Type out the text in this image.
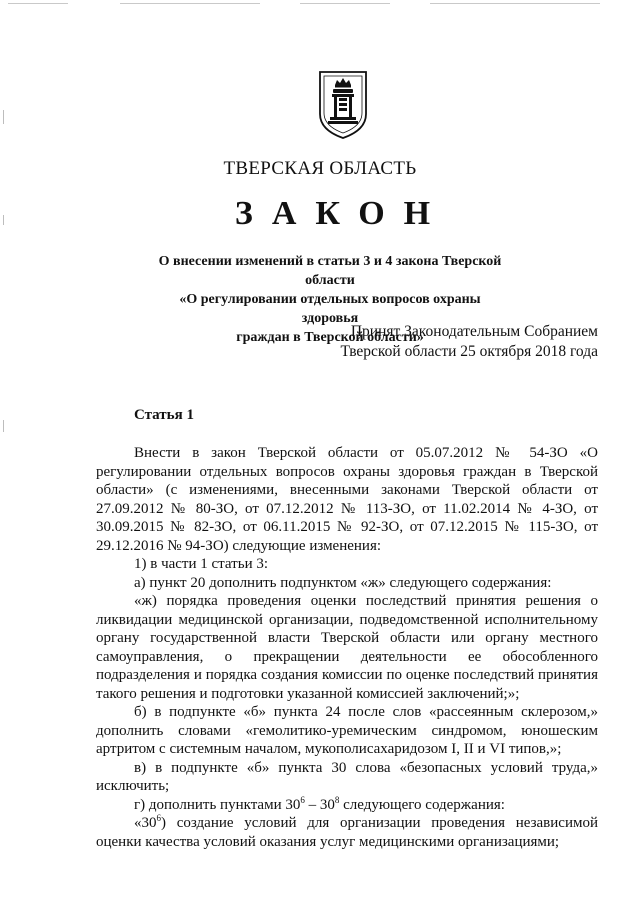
ТВЕРСКАЯ ОБЛАСТЬ
ЗАКОН
О внесении изменений в статьи 3 и 4 закона Тверской области
«О регулировании отдельных вопросов охраны здоровья
граждан в Тверской области»
Принят Законодательным Собранием
Тверской области 25 октября 2018 года
Статья 1

Внести в закон Тверской области от 05.07.2012 № 54-ЗО «О регулировании отдельных вопросов охраны здоровья граждан в Тверской области» (с изменениями, внесенными законами Тверской области от 27.09.2012 № 80-ЗО, от 07.12.2012 № 113-ЗО, от 11.02.2014 № 4-ЗО, от 30.09.2015 № 82-ЗО, от 06.11.2015 № 92-ЗО, от 07.12.2015 № 115-ЗО, от 29.12.2016 № 94-ЗО) следующие изменения:

1) в части 1 статьи 3:

а) пункт 20 дополнить подпунктом «ж» следующего содержания:

«ж) порядка проведения оценки последствий принятия решения о ликвидации медицинской организации, подведомственной исполнительному органу государственной власти Тверской области или органу местного самоуправления, о прекращении деятельности ее обособленного подразделения и порядка создания комиссии по оценке последствий принятия такого решения и подготовки указанной комиссией заключений;»;

б) в подпункте «б» пункта 24 после слов «рассеянным склерозом,» дополнить словами «гемолитико-уремическим синдромом, юношеским артритом с системным началом, мукополисахаридозом I, II и VI типов,»;

в) в подпункте «б» пункта 30 слова «безопасных условий труда,» исключить;

г) дополнить пунктами $30^6 - 30^8$ следующего содержания:

«$30^6$) создание условий для организации проведения независимой оценки качества условий оказания услуг медицинскими организациями;
